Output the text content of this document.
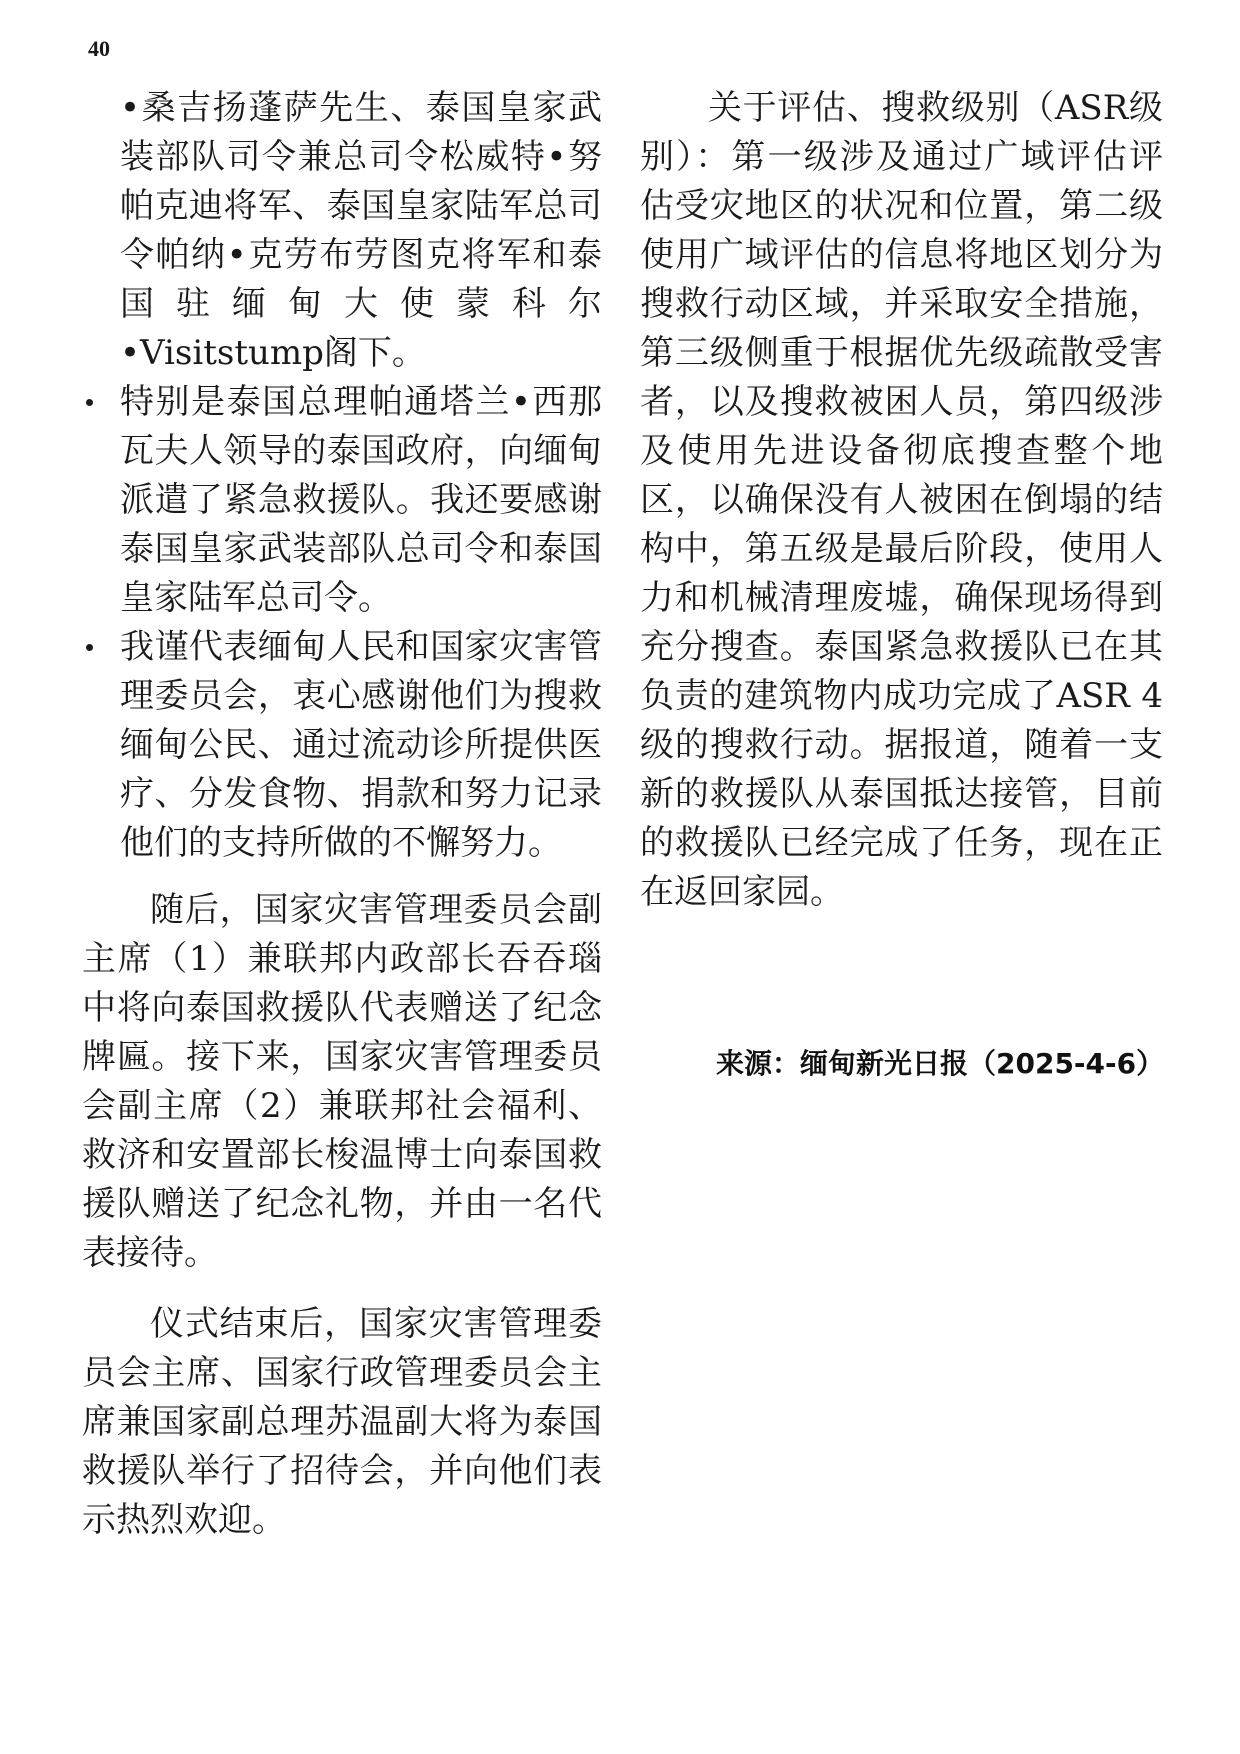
40
•桑吉扬蓬萨先生、泰国皇家武装部队司令兼总司令松威特•努帕克迪将军、泰国皇家陆军总司令帕纳•克劳布劳图克将军和泰国驻缅甸大使蒙科尔•Visitstump阁下。
特别是泰国总理帕通塔兰•西那瓦夫人领导的泰国政府，向缅甸派遣了紧急救援队。我还要感谢泰国皇家武装部队总司令和泰国皇家陆军总司令。
我谨代表缅甸人民和国家灾害管理委员会，衷心感谢他们为搜救缅甸公民、通过流动诊所提供医疗、分发食物、捐款和努力记录他们的支持所做的不懈努力。

随后，国家灾害管理委员会副主席（1）兼联邦内政部长吞吞瑙中将向泰国救援队代表赠送了纪念牌匾。接下来，国家灾害管理委员会副主席（2）兼联邦社会福利、救济和安置部长梭温博士向泰国救援队赠送了纪念礼物，并由一名代表接待。

仪式结束后，国家灾害管理委员会主席、国家行政管理委员会主席兼国家副总理苏温副大将为泰国救援队举行了招待会，并向他们表示热烈欢迎。

关于评估、搜救级别（ASR级别）：第一级涉及通过广域评估评估受灾地区的状况和位置，第二级使用广域评估的信息将地区划分为搜救行动区域，并采取安全措施，第三级侧重于根据优先级疏散受害者，以及搜救被困人员，第四级涉及使用先进设备彻底搜查整个地区，以确保没有人被困在倒塌的结构中，第五级是最后阶段，使用人力和机械清理废墟，确保现场得到充分搜查。泰国紧急救援队已在其负责的建筑物内成功完成了ASR 4级的搜救行动。据报道，随着一支新的救援队从泰国抵达接管，目前的救援队已经完成了任务，现在正在返回家园。

来源：缅甸新光日报（2025-4-6）
